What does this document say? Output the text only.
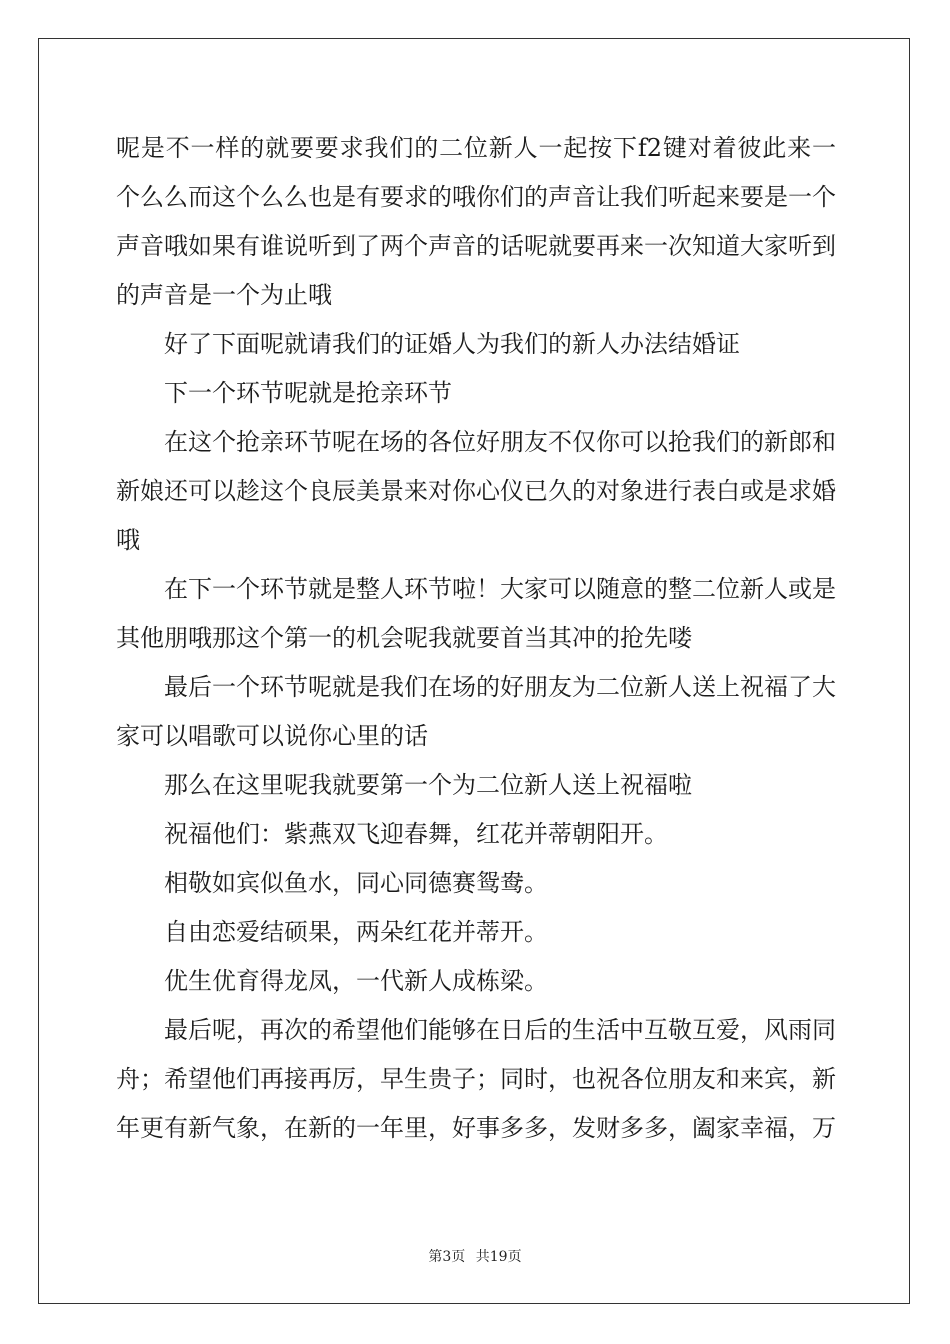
呢是不一样的就要要求我们的二位新人一起按下f2键对着彼此来一个么么而这个么么也是有要求的哦你们的声音让我们听起来要是一个声音哦如果有谁说听到了两个声音的话呢就要再来一次知道大家听到的声音是一个为止哦

好了下面呢就请我们的证婚人为我们的新人办法结婚证

下一个环节呢就是抢亲环节

在这个抢亲环节呢在场的各位好朋友不仅你可以抢我们的新郎和新娘还可以趁这个良辰美景来对你心仪已久的对象进行表白或是求婚哦

在下一个环节就是整人环节啦！大家可以随意的整二位新人或是其他朋哦那这个第一的机会呢我就要首当其冲的抢先喽

最后一个环节呢就是我们在场的好朋友为二位新人送上祝福了大家可以唱歌可以说你心里的话

那么在这里呢我就要第一个为二位新人送上祝福啦

祝福他们：紫燕双飞迎春舞，红花并蒂朝阳开。

相敬如宾似鱼水，同心同德赛鸳鸯。

自由恋爱结硕果，两朵红花并蒂开。

优生优育得龙凤，一代新人成栋梁。

最后呢，再次的希望他们能够在日后的生活中互敬互爱，风雨同舟；希望他们再接再厉，早生贵子；同时，也祝各位朋友和来宾，新年更有新气象，在新的一年里，好事多多，发财多多，阖家幸福，万

第3页 共19页
